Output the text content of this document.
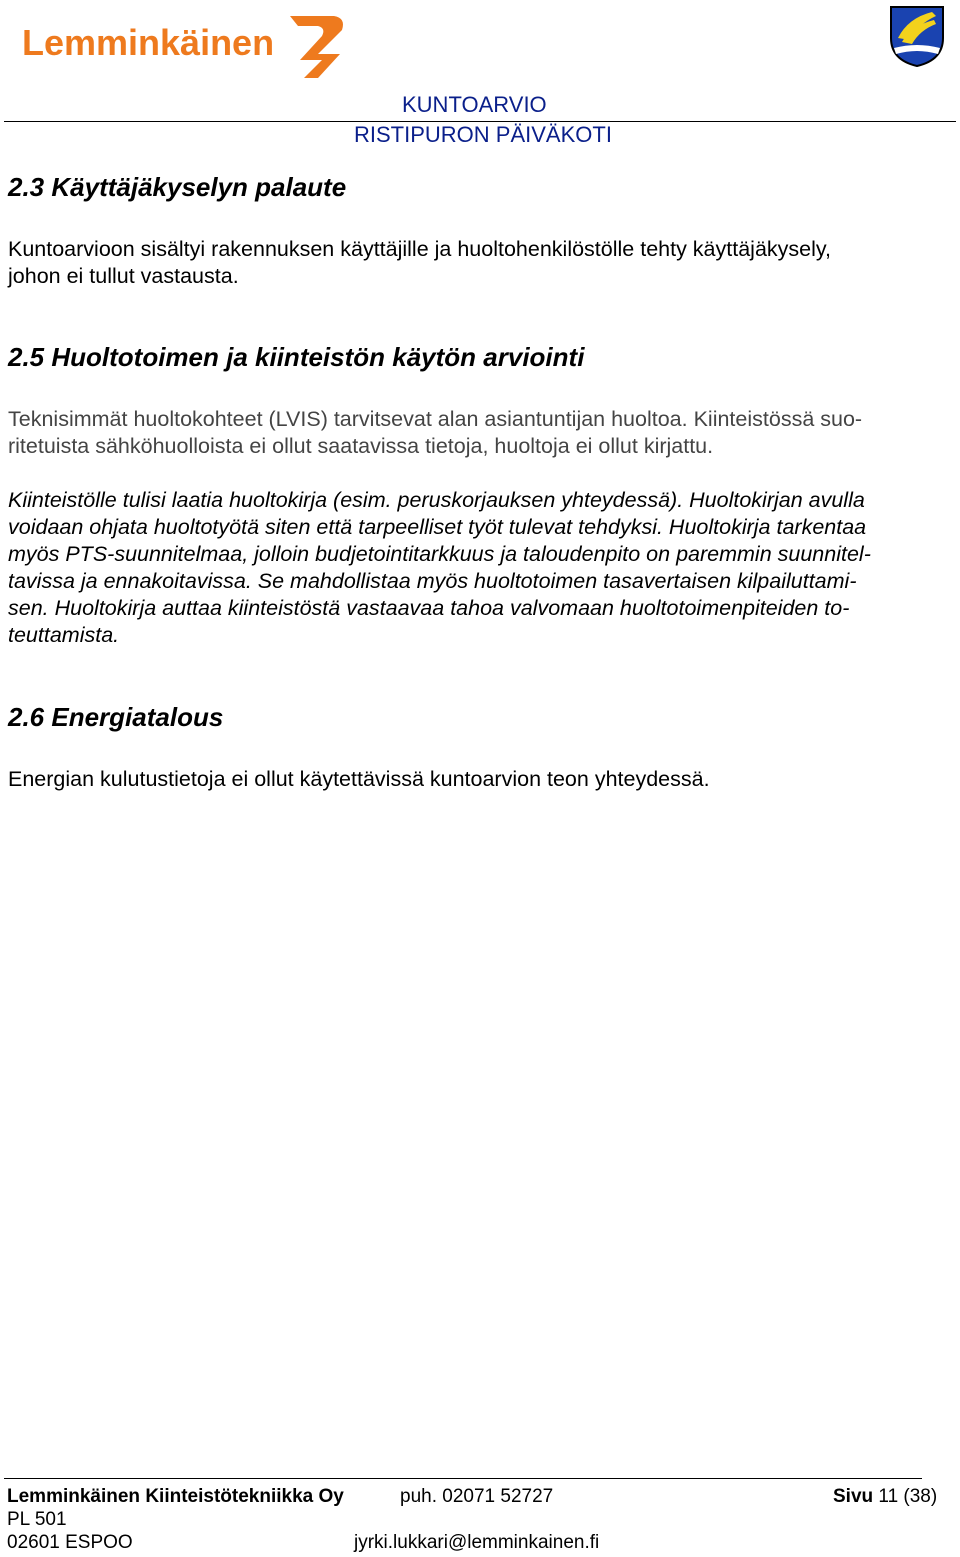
Lemminkäinen
KUNTOARVIO
RISTIPURON PÄIVÄKOTI
2.3 Käyttäjäkyselyn palaute
Kuntoarvioon sisältyi rakennuksen käyttäjille ja huoltohenkilöstölle tehty käyttäjäkysely,
johon ei tullut vastausta.
2.5 Huoltotoimen ja kiinteistön käytön arviointi
Teknisimmät huoltokohteet (LVIS) tarvitsevat alan asiantuntijan huoltoa. Kiinteistössä suo-
ritetuista sähköhuolloista ei ollut saatavissa tietoja, huoltoja ei ollut kirjattu.
Kiinteistölle tulisi laatia huoltokirja (esim. peruskorjauksen yhteydessä). Huoltokirjan avulla
voidaan ohjata huoltotyötä siten että tarpeelliset työt tulevat tehdyksi. Huoltokirja tarkentaa
myös PTS-suunnitelmaa, jolloin budjetointitarkkuus ja taloudenpito on paremmin suunnitel-
tavissa ja ennakoitavissa. Se mahdollistaa myös huoltotoimen tasavertaisen kilpailuttami-
sen. Huoltokirja auttaa kiinteistöstä vastaavaa tahoa valvomaan huoltotoimenpiteiden to-
teuttamista.
2.6 Energiatalous
Energian kulutustietoja ei ollut käytettävissä kuntoarvion teon yhteydessä.
Lemminkäinen Kiinteistötekniikka Oy	puh. 02071 52727	Sivu 11 (38)
PL 501
02601 ESPOO	jyrki.lukkari@lemminkainen.fi
